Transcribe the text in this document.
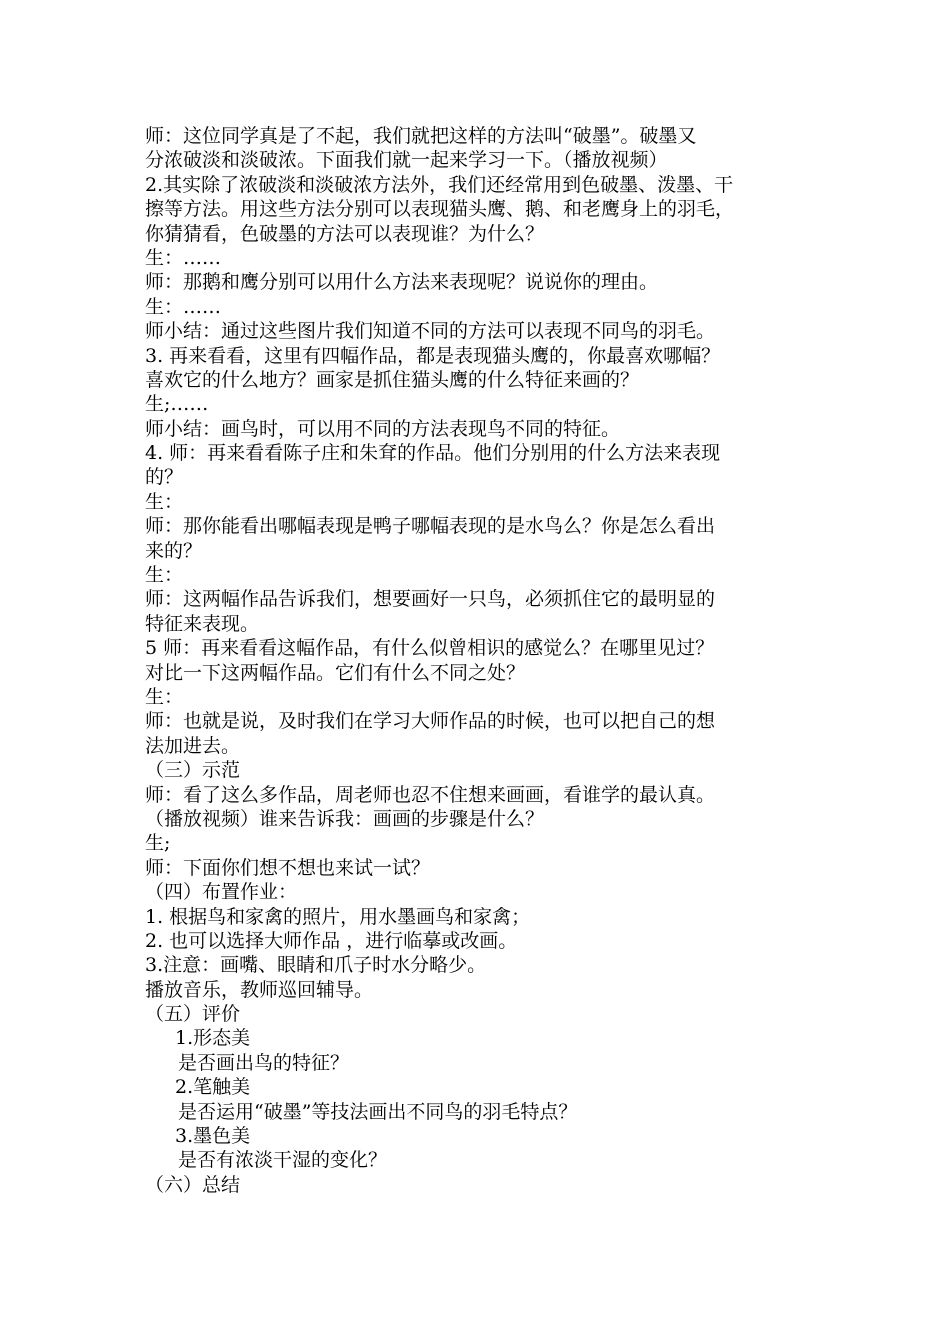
师：这位同学真是了不起，我们就把这样的方法叫“破墨”。破墨又
分浓破淡和淡破浓。下面我们就一起来学习一下。（播放视频）
2.其实除了浓破淡和淡破浓方法外，我们还经常用到色破墨、泼墨、干
擦等方法。用这些方法分别可以表现猫头鹰、鹅、和老鹰身上的羽毛，
你猜猜看，色破墨的方法可以表现谁？为什么？
生：……
师：那鹅和鹰分别可以用什么方法来表现呢？说说你的理由。
生：……
师小结：通过这些图片我们知道不同的方法可以表现不同鸟的羽毛。
3. 再来看看，这里有四幅作品，都是表现猫头鹰的，你最喜欢哪幅？
喜欢它的什么地方？画家是抓住猫头鹰的什么特征来画的？
生;……
师小结：画鸟时，可以用不同的方法表现鸟不同的特征。
4. 师：再来看看陈子庄和朱耷的作品。他们分别用的什么方法来表现
的？
生：
师：那你能看出哪幅表现是鸭子哪幅表现的是水鸟么？你是怎么看出
来的？
生：
师：这两幅作品告诉我们，想要画好一只鸟，必须抓住它的最明显的
特征来表现。
5 师：再来看看这幅作品，有什么似曾相识的感觉么？在哪里见过？
对比一下这两幅作品。它们有什么不同之处？
生：
师：也就是说，及时我们在学习大师作品的时候，也可以把自己的想
法加进去。
（三）示范
师：看了这么多作品，周老师也忍不住想来画画，看谁学的最认真。
（播放视频）谁来告诉我：画画的步骤是什么？
生;
师：下面你们想不想也来试一试？
（四）布置作业：
1. 根据鸟和家禽的照片，用水墨画鸟和家禽；
2. 也可以选择大师作品 ，进行临摹或改画。
3.注意：画嘴、眼睛和爪子时水分略少。
播放音乐，教师巡回辅导。
（五）评价
1.形态美
是否画出鸟的特征？
2.笔触美
是否运用“破墨”等技法画出不同鸟的羽毛特点？
3.墨色美
是否有浓淡干湿的变化？
（六）总结
